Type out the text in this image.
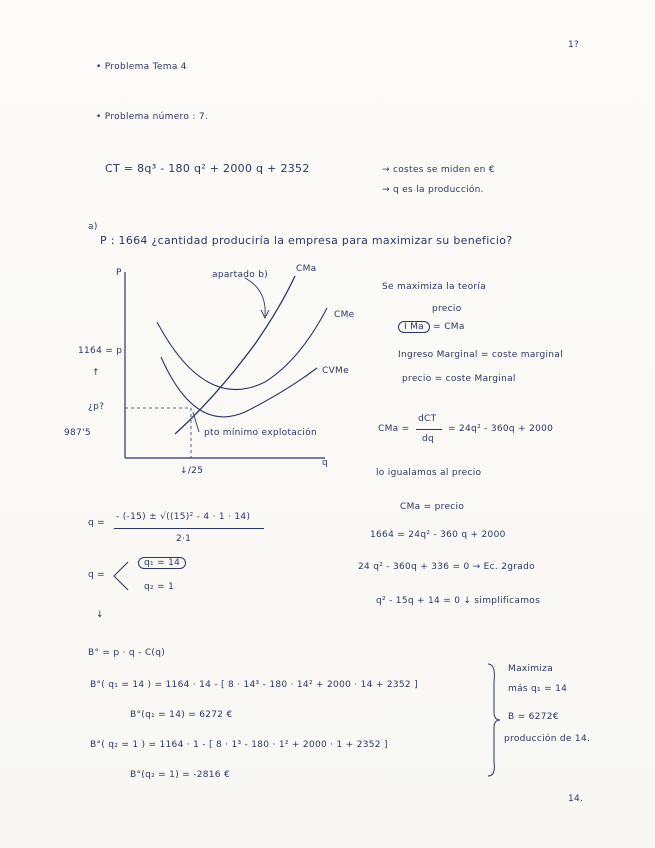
1?
• Problema Tema 4
• Problema número : 7.
CT = 8q³ - 180 q² + 2000 q + 2352	→ costes se miden en €
→ q es la producción.
a)
P : 1664 ¿cantidad produciría la empresa para maximizar su beneficio?
P	apartado b)
CMa
CMe
CVMe
1164 = p
↑
¿p?
987'5	pto mínimo explotación
↓/25
q
Se maximiza la teoría
precio
I Ma = CMa
Ingreso Marginal = coste marginal
precio = coste Marginal
CMa =
dCT
dq
= 24q² - 360q + 2000
lo igualamos al precio
CMa = precio
1664 = 24q² - 360 q + 2000
24 q² - 360q + 336 = 0 → Ec. 2grado
q² - 15q + 14 = 0 ↓ simplificamos
q =
- (-15) ± √((15)² - 4 · 1 · 14)
2·1
q =
q₁ = 14
q₂ = 1
↓
B° = p · q - C(q)
B°( q₁ = 14 ) = 1164 · 14 - [ 8 · 14³ - 180 · 14² + 2000 · 14 + 2352 ]
B°(q₁ = 14) = 6272 €
B°( q₂ = 1 ) = 1164 · 1 - [ 8 · 1³ - 180 · 1² + 2000 · 1 + 2352 ]
B°(q₂ = 1) = -2816 €
Maximiza
más q₁ = 14
B = 6272€
producción de 14.
14.
